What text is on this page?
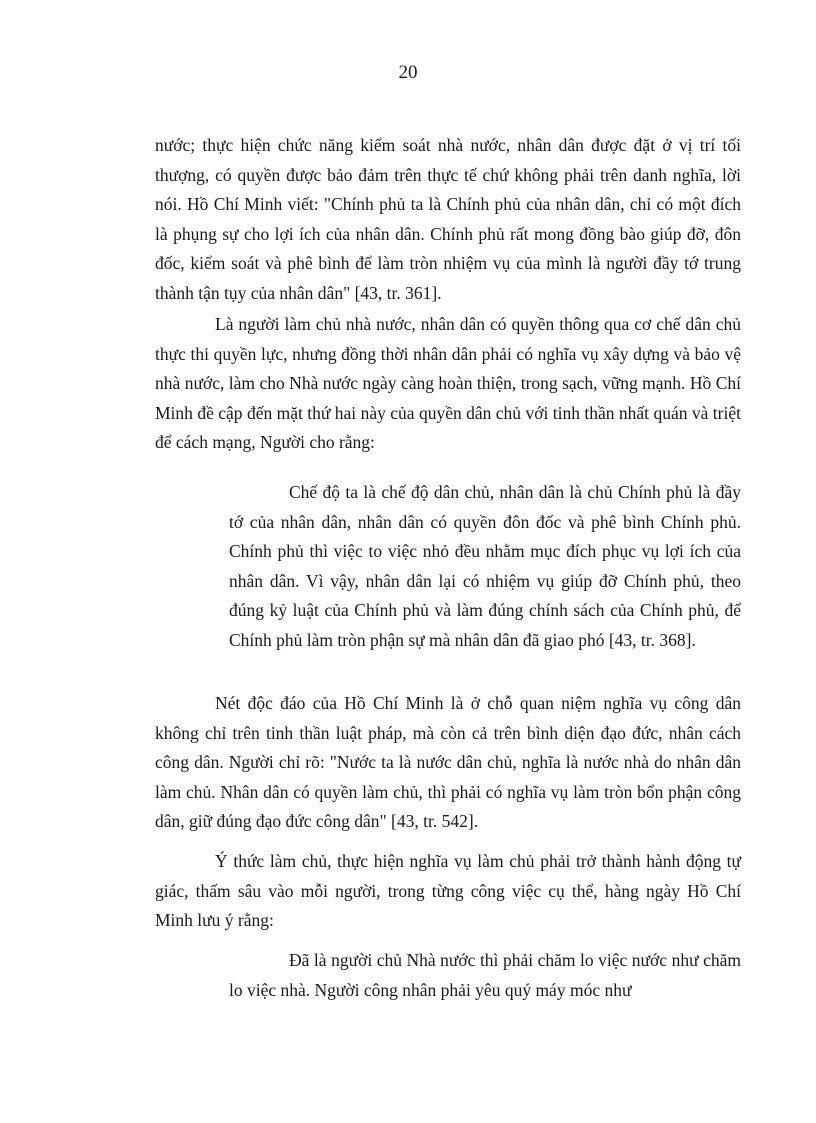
20

nước; thực hiện chức năng kiểm soát nhà nước, nhân dân được đặt ở vị trí tối thượng, có quyền được bảo đảm trên thực tế chứ không phải trên danh nghĩa, lời nói. Hồ Chí Minh viết: "Chính phủ ta là Chính phủ của nhân dân, chỉ có một đích là phụng sự cho lợi ích của nhân dân. Chính phủ rất mong đồng bào giúp đỡ, đôn đốc, kiểm soát và phê bình để làm tròn nhiệm vụ của mình là người đầy tớ trung thành tận tụy của nhân dân" [43, tr. 361].

Là người làm chủ nhà nước, nhân dân có quyền thông qua cơ chế dân chủ thực thi quyền lực, nhưng đồng thời nhân dân phải có nghĩa vụ xây dựng và bảo vệ nhà nước, làm cho Nhà nước ngày càng hoàn thiện, trong sạch, vững mạnh. Hồ Chí Minh đề cập đến mặt thứ hai này của quyền dân chủ với tinh thần nhất quán và triệt để cách mạng, Người cho rằng:

Chế độ ta là chế độ dân chủ, nhân dân là chủ Chính phủ là đầy tớ của nhân dân, nhân dân có quyền đôn đốc và phê bình Chính phủ. Chính phủ thì việc to việc nhỏ đều nhằm mục đích phục vụ lợi ích của nhân dân. Vì vậy, nhân dân lại có nhiệm vụ giúp đỡ Chính phủ, theo đúng kỷ luật của Chính phủ và làm đúng chính sách của Chính phủ, để Chính phủ làm tròn phận sự mà nhân dân đã giao phó [43, tr. 368].

Nét độc đáo của Hồ Chí Minh là ở chỗ quan niệm nghĩa vụ công dân không chỉ trên tinh thần luật pháp, mà còn cả trên bình diện đạo đức, nhân cách công dân. Người chỉ rõ: "Nước ta là nước dân chủ, nghĩa là nước nhà do nhân dân làm chủ. Nhân dân có quyền làm chủ, thì phải có nghĩa vụ làm tròn bổn phận công dân, giữ đúng đạo đức công dân" [43, tr. 542].

Ý thức làm chủ, thực hiện nghĩa vụ làm chủ phải trở thành hành động tự giác, thấm sâu vào mỗi người, trong từng công việc cụ thể, hàng ngày Hồ Chí Minh lưu ý rằng:

Đã là người chủ Nhà nước thì phải chăm lo việc nước như chăm lo việc nhà. Người công nhân phải yêu quý máy móc như
